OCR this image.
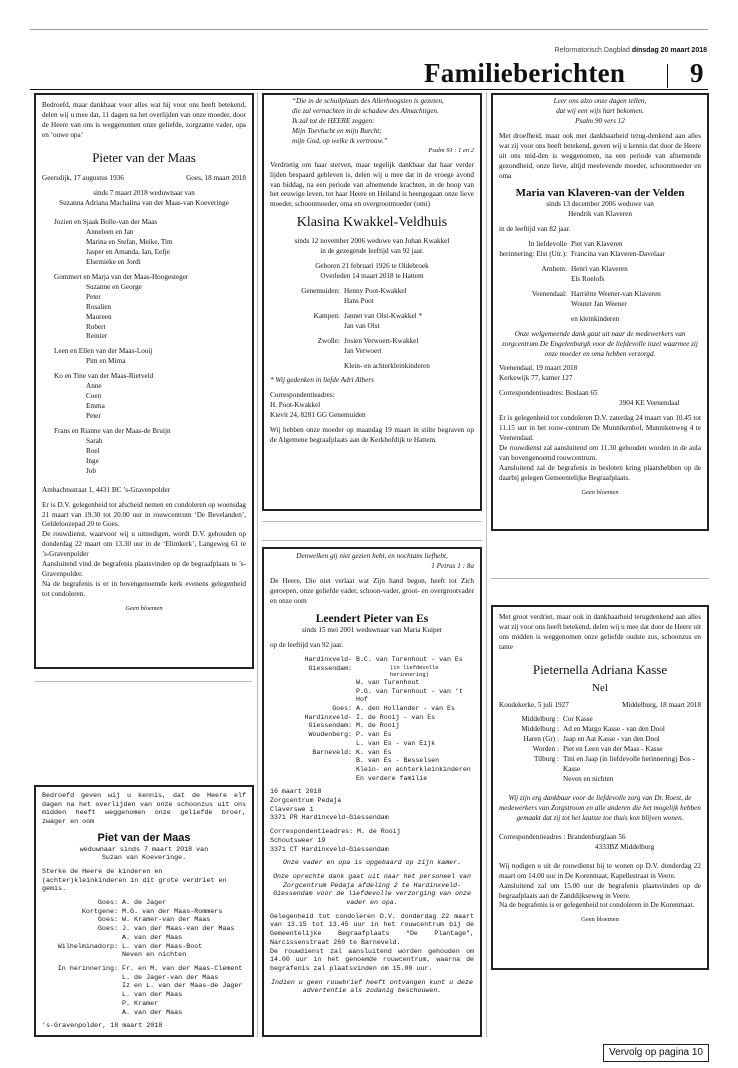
Reformatorisch Dagblad dinsdag 20 maart 2018
Familieberichten 9

Bedroefd, maar dankbaar voor alles wat hij voor ons heeft betekend, delen wij u mee dat, 11 dagen na het overlijden van onze moeder, door de Heere van ons is weggenomen onze geliefde, zorgzame vader, opa en ‘ouwe opa’

Pieter van der Maas

Geersdijk, 17 augustus 1936	Goes, 18 maart 2018

sinds 7 maart 2018 weduwnaar van

Suzanna Adriana Machalina van der Maas-van Koeveringe

Jozien en Sjaak Bolle-van der Maas

Anneleen en Jan

Marina en Stefan, Meike, Tim

Jasper en Amanda, Ian, Eefje

Elsemieke en Jordi

Gommert en Marja van der Maas-Hoogesteger

Suzanne en George

Peter

Rosalien

Maureen

Robert

Reinier

Leen en Ellen van der Maas-Looij

Pim en Mirna

Ko en Tine van der Maas-Rietveld

Anne

Coen

Emma

Peter

Frans en Rianne van der Maas-de Bruijn

Sarah

Roel

Inge

Job

Ambachtsstraat 1, 4431 BC ’s-Gravenpolder

Er is D.V. gelegenheid tot afscheid nemen en condoleren op woensdag 21 maart van 19.30 tot 20.00 uur in rouwcentrum ‘De Bevelanden’, Geldeloozepad 20 te Goes.

De rouwdienst, waarvoor wij u uitnodigen, wordt D.V. gehouden op donderdag 22 maart om 13.30 uur in de ‘Elimkerk’, Langeweg 61 te ’s-Gravenpolder

Aansluitend vind de begrafenis plaatsvinden op de begraafplaats te ’s-Gravenpolder.

Na de begrafenis is er in bovengenoemde kerk evenens gelegenheid tot condoleren.

Geen bloemen

“Die in de schuilplaats des Allerhoogsten is gezeten,

die zal vernachten in de schaduw des Almachtigen.

Ik zal tot de HEERE zeggen:

Mijn Toevlucht en mijn Burcht;

mijn God, op welke ik vertrouw.”

Psalm 91 : 1 en 2

Verdrietig om haar sterven, maar tegelijk dankbaar dat haar verder lijden bespaard gebleven is, delen wij u mee dat in de vroege avond van biddag, na een periode van afnemende krachten, in de hoop van het eeuwige leven, tot haar Heere en Heiland is heengegaan onze lieve moeder, schoonmoeder, oma en overgrootmoeder (omi)

Klasina Kwakkel-Veldhuis

sinds 12 november 2006 weduwe van Johan Kwakkel

in de gezegende leeftijd van 92 jaar.

Geboren 21 februari 1926 te Oldebroek

Overleden 14 maart 2018 te Hattem

Genemuiden: Henny Poot-Kwakkel
Hans Poot
Kampen: Jannet van Olst-Kwakkel *
Jan van Olst
Zwolle: Josien Verwoert-Kwakkel
Jan Verwoert

Klein- en achterkleinkinderen

* Wij gedenken in liefde Adri Albers

Correspondentieadres:

H. Poot-Kwakkel

Kievit 24, 8281 GG Genemuiden

Wij hebben onze moeder op maandag 19 maart in stilte begraven op de Algemene begraafplaats aan de Kerkhofdijk te Hattem.

Leer ons alzo onze dagen tellen,

dat wij een wijs hart bekomen.

Psalm 90 vers 12

Met droefheid, maar ook met dankbaarheid terug-denkend aan alles wat zij voor ons heeft betekend, geven wij u kennis dat door de Heere uit ons mid-den is weggenomen, na een periode van afnemende gezondheid, onze lieve, altijd meelevende moeder, schoonmoeder en oma

Maria van Klaveren-van der Velden

sinds 13 december 2006 weduwe van

Hendrik van Klaveren

in de leeftijd van 82 jaar.

In liefdevolle herinnering: Elst (Utr.):
Piet van Klaveren
Francina van Klaveren-Davelaar
Arnhem: Henri van Klaveren
Els Roelofs
Veenendaal: Harriëtte Weener-van Klaveren
Wouter Jan Weener

en kleinkinderen

Onze welgemeende dank gaat uit naar de medewerkers van zorgcentrum De Engelenburgh voor de liefdevolle inzet waarmee zij onze moeder en oma hebben verzorgd.

Veenendaal, 19 maart 2018

Kerkewijk 77, kamer 127

Correspondentieadres: Boslaan 65

3904 KE Veenendaal

Er is gelegenheid tot condoleren D.V. zaterdag 24 maart van 10.45 tot 11.15 uur in het rouw-centrum De Munnikenhof, Munnikenweg 4 te Veenendaal.

De rouwdienst zal aansluitend om 11.30 gehouden worden in de aula van bovengenoemd rouwcentrum.

Aansluitend zal de begrafenis in besloten kring plaatshebben op de daarbij gelegen Gemeentelijke Begraafplaats.

Geen bloemen

Denwelken gij niet gezien hebt, en nochtans liefhebt,

1 Petrus 1 : 8a

De Heere, Die niet verlaat wat Zijn hand begon, heeft tot Zich geroepen, onze geliefde vader, schoon-vader, groot- en overgrootvader en onze oom

Leendert Pieter van Es

sinds 15 mei 2001 weduwnaar van Maria Kuiper

op de leeftijd van 92 jaar.

Hardinxveld-Giessendam:
B.C. van Turenhout - van Es
(in liefdevolle herinnering)
W. van Turenhout
P.G. van Turenhout - van ’t Hof
Goes: A. den Hollander - van Es
Hardinxveld-Giessendam:
I. de Rooij - van Es
M. de Rooij
Woudenberg: P. van Es
L. van Es - van Eijk
Barneveld: K. van Es
B. van Es - Besselsen
Klein- en achterkleinkinderen
En verdere familie

16 maart 2018

Zorgcentrum Pedaja

Claverswe 1

3371 PR Hardinxveld-Giessendam

Correspondentieadres: M. de Rooij

Schoutsweer 19

3371 CT Hardinxveld-Giessendam

Onze vader en opa is opgebaard op zijn kamer.

Onze oprechte dank gaat uit naar het personeel van Zorgcentrum Pedaja afdeling 2 te Hardinxveld-Giessendam voor de liefdevolle verzorging van onze vader en opa.

Gelegenheid tot condoleren D.V. donderdag 22 maart van 13.15 tot 13.45 uur in het rouwcentrum bij de Gemeentelijke Begraafplaats “De Plantage”, Narcissenstraat 260 te Barneveld.

De rouwdienst zal aansluitend worden gehouden om 14.00 uur in het genoemde rouwcentrum, waarna de begrafenis zal plaatsvinden om 15.00 uur.

Indien u geen rouwbrief heeft ontvangen kunt u deze advertentie als zodanig beschouwen.

Met groot verdriet, maar ook in dankbaarheid terugdenkend aan alles wat zij voor ons heeft betekend, delen wij u mee dat door de Heere uit ons midden is weggenomen onze geliefde oudste zus, schoonzus en tante

Pieternella Adriana Kasse

Nel

Koudekerke, 5 juli 1927	Middelburg, 18 maart 2018
Middelburg : Cor Kasse
Middelburg : Ad en Margo Kasse - van den Dool
Haren (Gr) : Jaap en Aat Kasse - van den Dool
Worden : Piet en Leen van der Maas - Kasse
Tilburg : Tini en Jaap (in liefdevolle herinnering) Bos - Kasse

Neven en nichten

Wij zijn erg dankbaar voor de liefdevolle zorg van Dr. Roest, de medewerkers van Zorgstroom en alle anderen die het mogelijk hebben gemaakt dat zij tot het laatste toe thuis kon blijven wonen.

Correspondentieadres : Brandenburglaan 56

4333BZ Middelburg

Wij nodigen u uit de rouwdienst bij te wonen op D.V. donderdag 22 maart om 14.00 uur in De Korenmaat, Kapellestraat in Veere.

Aansluitend zal om 15.00 uur de begrafenis plaatsvinden op de begraafplaats aan de Zanddijkseweg in Veere.

Na de begrafenis is er gelegenheid tot condoleren in De Korenmaat.

Geen bloemen

Bedroefd geven wij u kennis, dat de Heere elf dagen na het overlijden van onze schoonzus uit ons midden heeft weggenomen onze geliefde broer, zwager en oom

Piet van der Maas

weduwnaar sinds 7 maart 2018 van

Suzan van Koeveringe.

Sterke de Heere de kinderen en (achter)kleinkinderen in dit grote verdriet en gemis.

Goes: A. de Jager
Kortgene: M.G. van der Maas-Rommers
Goes: W. Kramer-van der Maas
Goes: J. van der Maas-van der Maas
A. van der Maas
Wilhelminadorp: L. van der Maas-Boot
Neven en nichten
In herinnering: Fr. en M. van der Maas-Clement
L. de Jager-van der Maas
Iz en L. van der Maas-de Jager
L. van der Maas
P. Kramer
A. van der Maas

’s-Gravenpolder, 18 maart 2018

Vervolg op pagina 10
